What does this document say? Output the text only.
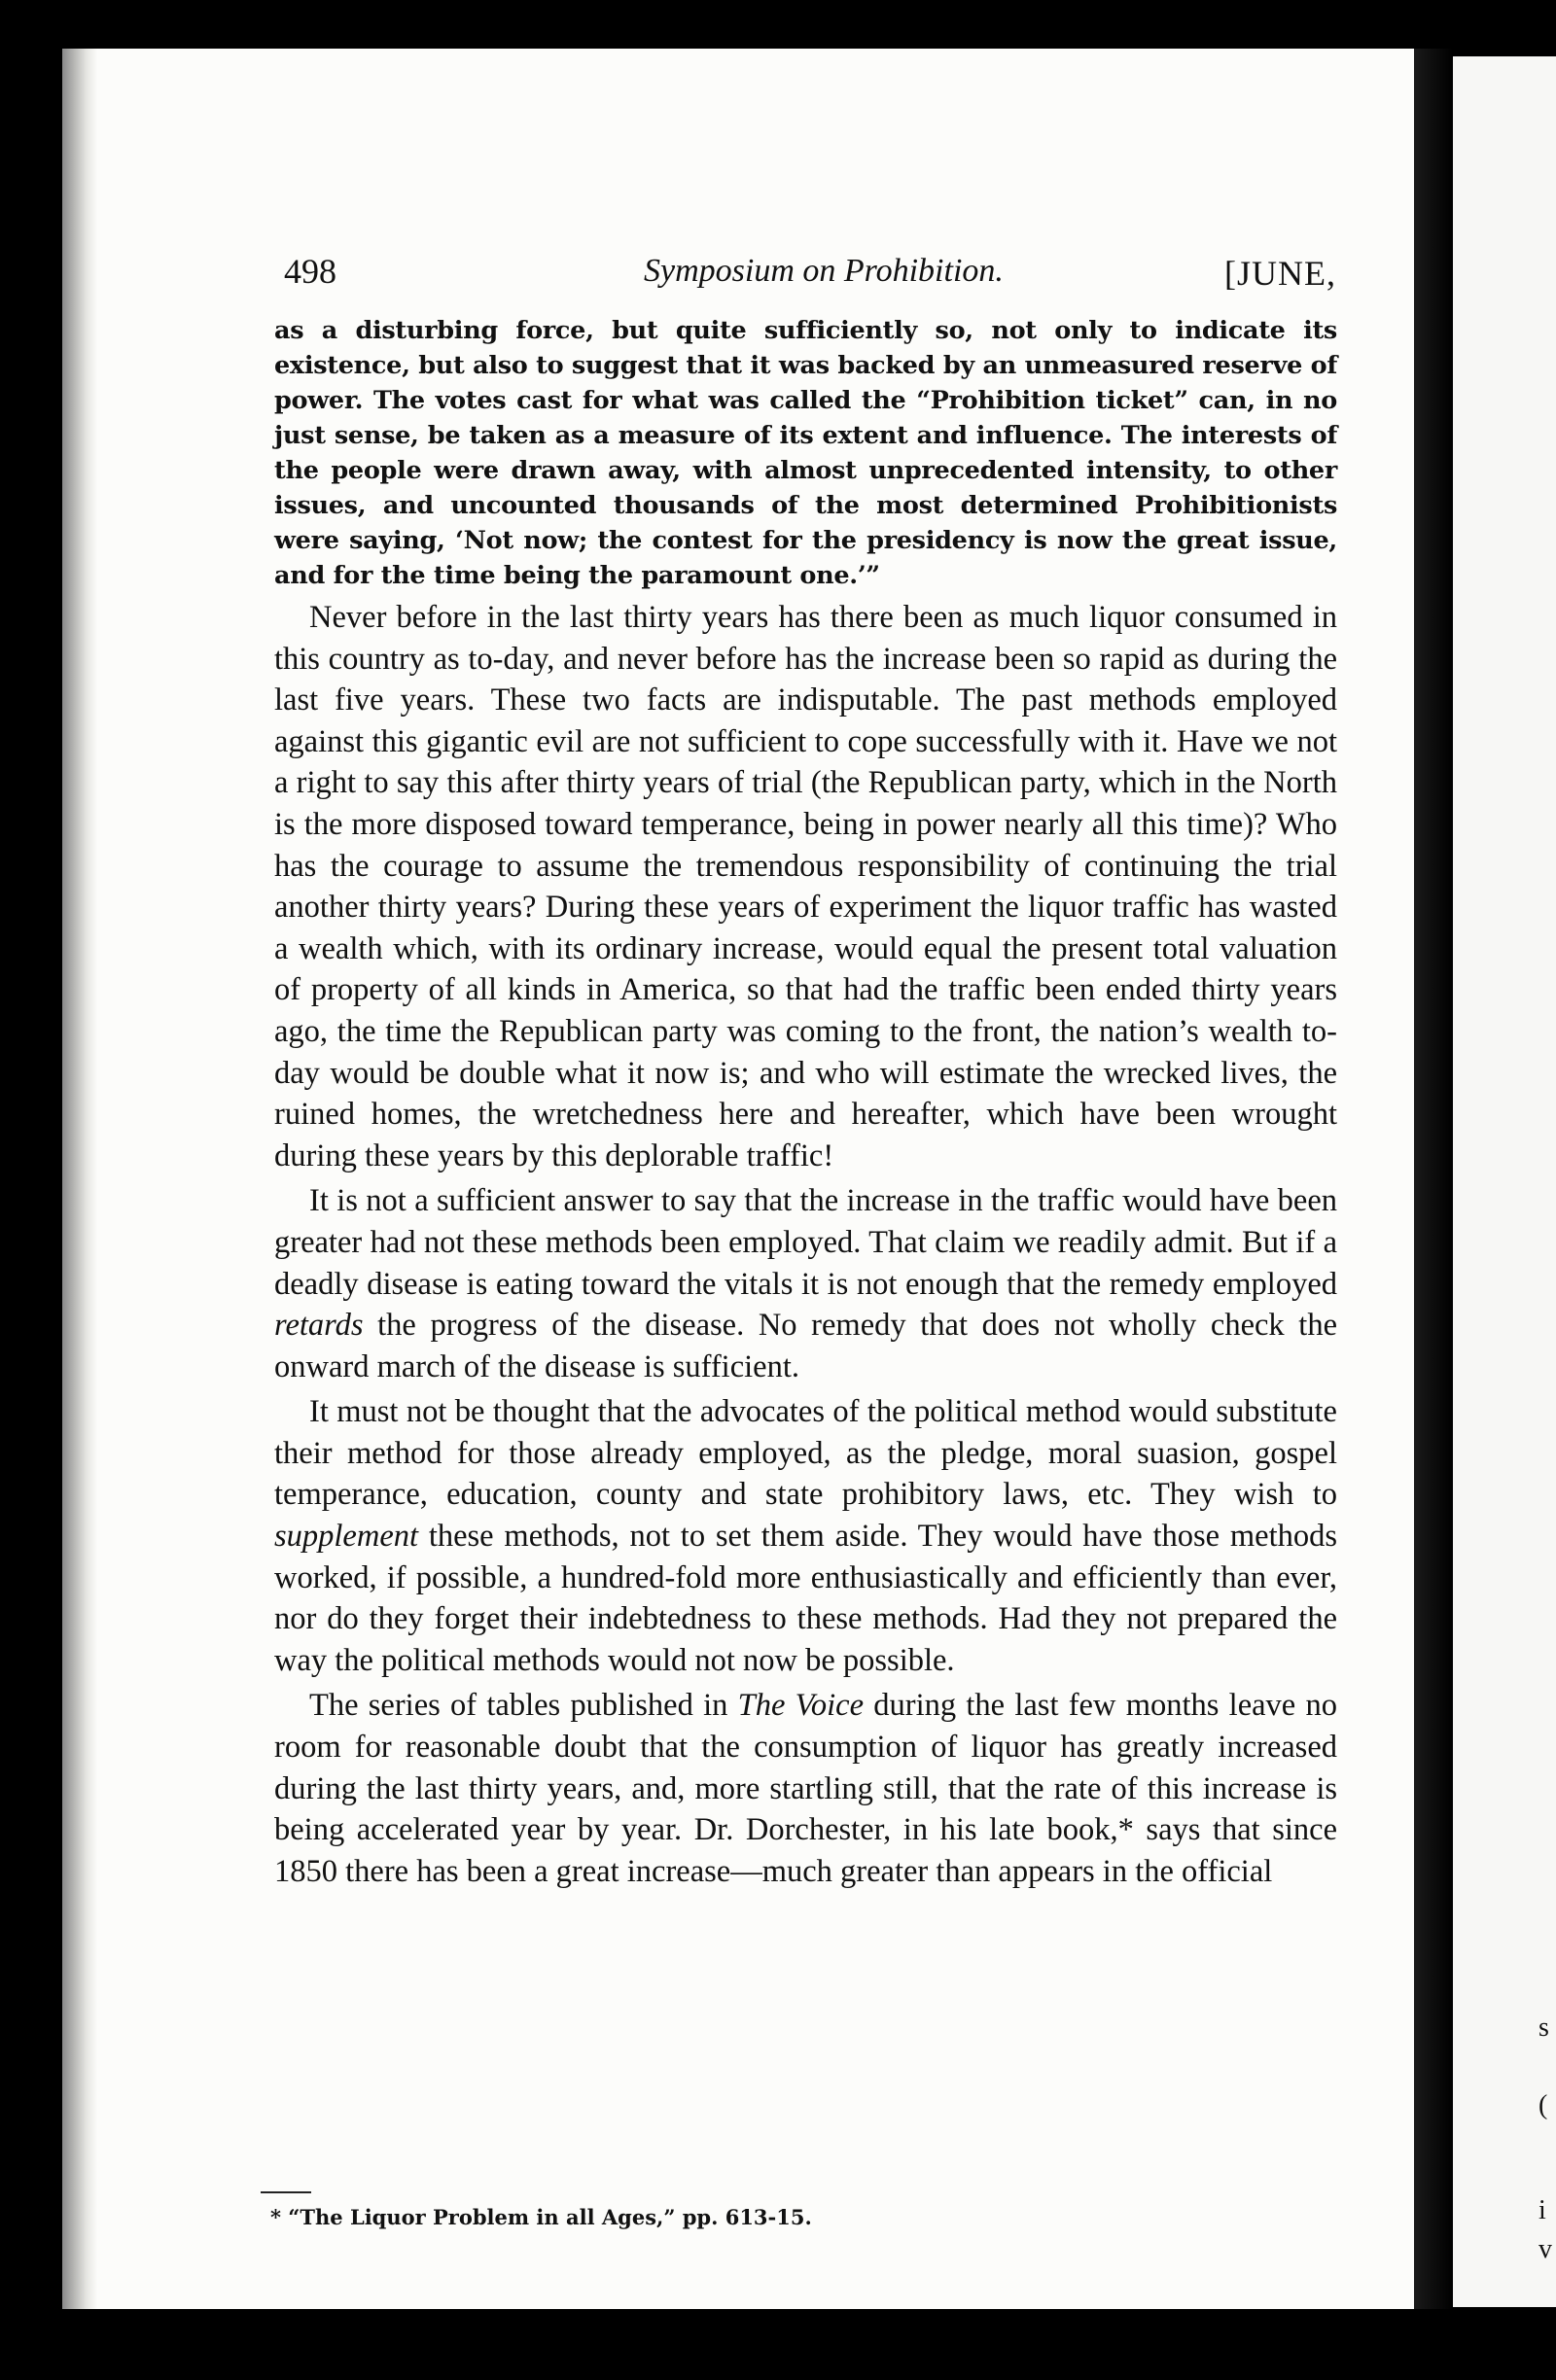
s
(
i
v
498	Symposium on Prohibition.	[JUNE,

as a disturbing force, but quite sufficiently so, not only to indicate its existence, but also to suggest that it was backed by an unmeasured reserve of power. The votes cast for what was called the “Prohibition ticket” can, in no just sense, be taken as a measure of its extent and influence. The interests of the people were drawn away, with almost unprecedented intensity, to other issues, and uncounted thousands of the most determined Prohibitionists were saying, ‘Not now; the contest for the presidency is now the great issue, and for the time being the paramount one.’”

Never before in the last thirty years has there been as much liquor consumed in this country as to-day, and never before has the increase been so rapid as during the last five years. These two facts are indisputable. The past methods employed against this gigantic evil are not sufficient to cope successfully with it. Have we not a right to say this after thirty years of trial (the Republican party, which in the North is the more disposed toward temperance, being in power nearly all this time)? Who has the courage to assume the tremendous responsibility of continuing the trial another thirty years? During these years of experiment the liquor traffic has wasted a wealth which, with its ordinary increase, would equal the present total valuation of property of all kinds in America, so that had the traffic been ended thirty years ago, the time the Republican party was coming to the front, the nation’s wealth to-day would be double what it now is; and who will estimate the wrecked lives, the ruined homes, the wretchedness here and hereafter, which have been wrought during these years by this deplorable traffic!

It is not a sufficient answer to say that the increase in the traffic would have been greater had not these methods been employed. That claim we readily admit. But if a deadly disease is eating toward the vitals it is not enough that the remedy employed retards the progress of the disease. No remedy that does not wholly check the onward march of the disease is sufficient.

It must not be thought that the advocates of the political method would substitute their method for those already employed, as the pledge, moral suasion, gospel temperance, education, county and state prohibitory laws, etc. They wish to supplement these methods, not to set them aside. They would have those methods worked, if possible, a hundred-fold more enthusiastically and efficiently than ever, nor do they forget their indebtedness to these methods. Had they not prepared the way the political methods would not now be possible.

The series of tables published in The Voice during the last few months leave no room for reasonable doubt that the consumption of liquor has greatly increased during the last thirty years, and, more startling still, that the rate of this increase is being accelerated year by year. Dr. Dorchester, in his late book,* says that since 1850 there has been a great increase—much greater than appears in the official

* “The Liquor Problem in all Ages,” pp. 613-15.
